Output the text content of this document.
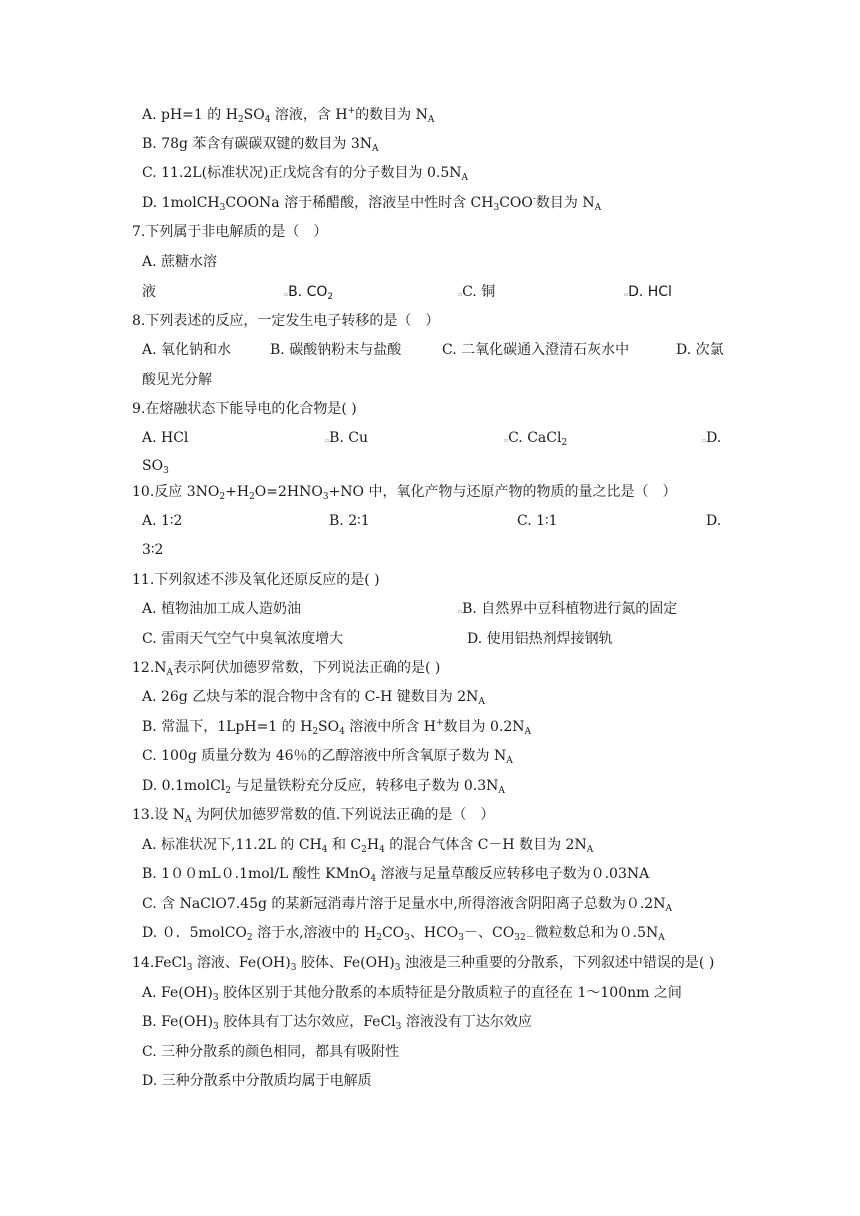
A. pH=1 的 $H_2SO_4$ 溶液，含 H+的数目为 $N_A$
B. 78g 苯含有碳碳双键的数目为 $3N_A$
C. 11.2L(标准状况)正戊烷含有的分子数目为 $0.5N_A$
D. 1molCH$_3$COONa 溶于稀醋酸，溶液呈中性时含 $CH_3COO^-$数目为 $N_A$
7.下列属于非电解质的是（　）
A. 蔗糖水溶
液	▫B. $CO_2$	▫C. 铜	▫D. HCl
8.下列表述的反应，一定发生电子转移的是（　）
A. 氧化钠和水	B. 碳酸钠粉末与盐酸	C. 二氧化碳通入澄清石灰水中	D. 次氯
酸见光分解
9.在熔融状态下能导电的化合物是( )
A. HCl	▫B. Cu	▫C. CaCl$_2$	▫D.
$SO_3$
10.反应 $3NO_2+H_2O=2HNO_3+NO$ 中，氧化产物与还原产物的物质的量之比是（　）
A. 1∶2	B. 2∶1	C. 1∶1	D.
3∶2
11.下列叙述不涉及氧化还原反应的是( )
A. 植物油加工成人造奶油	▫B. 自然界中豆科植物进行氮的固定
C. 雷雨天气空气中臭氧浓度增大	D. 使用铝热剂焊接钢轨
$12.N_A$表示阿伏加德罗常数，下列说法正确的是( )
A. 26g 乙炔与苯的混合物中含有的 C-H 键数目为 $2N_A$
B. 常温下，1LpH=1 的 $H_2SO_4$ 溶液中所含 H+数目为 $0.2N_A$
C. 100g 质量分数为 46％的乙醇溶液中所含氧原子数为 $N_A$
D. 0.1molCl$_2$ 与足量铁粉充分反应，转移电子数为 $0.3N_A$
13.设 $N_A$ 为阿伏加德罗常数的值.下列说法正确的是（　）
A. 标准状况下,11.2L 的 $CH_4$ 和 $C_2H_4$ 的混合气体含 C－H 数目为 $2N_A$
B. 1００mL０.1mol/L 酸性 KMnO$_4$ 溶液与足量草酸反应转移电子数为０.03NA
C. 含 NaClO7.45g 的某新冠消毒片溶于足量水中,所得溶液含阴阳离子总数为$0.2N_A$
D. ０．5molCO$_2$ 溶于水,溶液中的 $H_2CO_3$、$HCO_3-$、$CO_{32-}$微粒数总和为$0.5N_A$
14.FeCl$_3$ 溶液、$Fe(OH)_3$ 胶体、$Fe(OH)_3$ 浊液是三种重要的分散系，下列叙述中错误的是( )
A. $Fe(OH)_3$ 胶体区别于其他分散系的本质特征是分散质粒子的直径在 1～100nm 之间
B. $Fe(OH)_3$ 胶体具有丁达尔效应，FeCl$_3$ 溶液没有丁达尔效应
C. 三种分散系的颜色相同，都具有吸附性
D. 三种分散系中分散质均属于电解质
